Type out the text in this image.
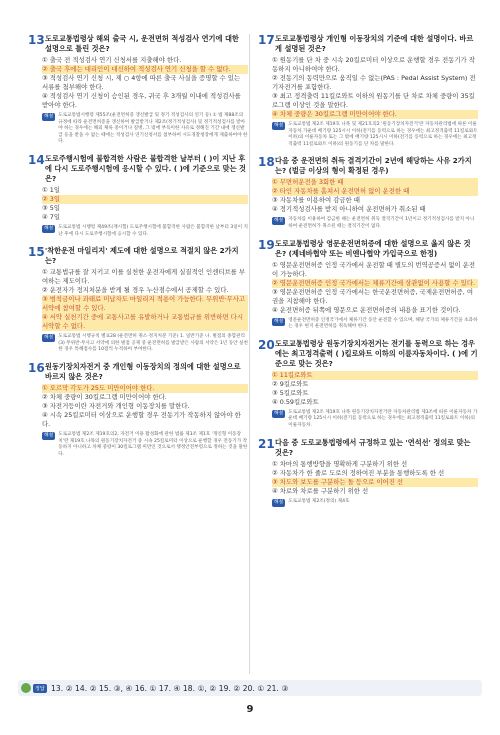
13 도로교통법령상 해외 출국 시, 운전면허 적성검사 연기에 대한 설명으로 틀린 것은?
① 출국 전 적성검사 연기 신청서를 지출해야 한다.
② 출국 후에는 대리인이 대신하여 적성검사 연기 신청을 할 수 없다.
③ 적성검사 연기 신청 시, 제 ○ 4항에 따른 출국 사실을 증명할 수 있는 서류를 첨부해야 한다.
④ 적성검사 연기 신청이 승인된 경우, 귀국 후 3개월 이내에 적성검사를 받아야 한다.
해설	도로교통법시행령 제55조(운전면허증 갱신발급 및 정기 적성검사의 연기 등) ① 법 제88조의 규정에 따라 운전면허증을 갱신하여 발급받거나 제2조(정기적성검사) 및 정기적성검사를 받아야 하는 경우에는 해외 체류 중이거나 질병, 그 밖에 부득이한 사유로 정해진 기간 내에 갱신발급 등을 받을 수 없는 때에는 적성검사 연기신청서를 첨부하여 시도경찰청장에게 제출하여야 한다.
14 도로주행시험에 불합격한 사람은 불합격한 날부터 ( )이 지난 후에 다시 도로주행시험에 응시할 수 있다. ( )에 기준으로 맞는 것은?
① 1일
② 3일
③ 5일
④ 7일
해설	도로교통법 시행령 제49조(재시험) 도로주행시험에 불합격한 사람은 불합격한 날부터 3일이 지난 후에 다시 도로주행시험에 응시할 수 있다.
15 '착한운전 마일리지' 제도에 대한 설명으로 적절치 않은 2가지는?
① 교통법규를 잘 지키고 이를 실천한 운전자에게 실질적인 인센티브를 부여하는 제도이다.
② 운전자가 정지처분을 받게 될 경우 누산점수에서 공제할 수 있다.
③ 범칙금이나 과태료 미납자도 마일리지 적용이 가능한다. 무위반·무사고 서약에 참여할 수 있다.
④ 서약 실천기간 중에 교통사고를 유발하거나 교통법규를 위반하면 다시 서약할 수 없다.
해설	도로교통법 시행규칙 별표28 (운전면허 취소·정지처분 기준) 1. 일반기준 나. 벌점의 종합관리 (3) 무위반·무사고 서약에 의한 벌점 공제 중 운전면허를 발급받은 사람의 서약은 1년 동안 실천한 경우 특혜점수를 10점씩 누적하여 부여한다.
16 원동기장치자전거 중 개인형 이동장치의 정의에 대한 설명으로 바르지 않은 것은?
① 오르막 각도가 25도 미만이어야 한다.
② 차체 중량이 30킬로그램 미만이어야 한다.
③ 자전거등이란 자전거와 개인형 이동장치를 말한다.
④ 시속 25킬로미터 이상으로 운행할 경우 전동기가 작동하지 않아야 한다.
해설	도로교통법 제2조 제19호의2, 자전거 이용 활성화에 관한 법률 제3조 제1호 '개인형 이동장치'란 제19호 나목의 원동기장치자전거 중 시속 25킬로미터 이상으로 운행할 경우 전동기가 작동하지 아니하고 차체 중량이 30킬로그램 미만인 것으로서 행정안전부령으로 정하는 것을 말한다.
17 도로교통법령상 개인형 이동장치의 기준에 대한 설명이다. 바르게 설명된 것은?
① 원동기를 단 차 중 시속 20킬로미터 이상으로 운행할 경우 전동기가 작동하지 아니하여야 한다.
② 전동기의 동력만으로 움직일 수 없는(PAS : Pedal Assist System) 전기자전거를 포함한다.
③ 최고 정격출력 11킬로와트 이하의 원동기를 단 차로 차체 중량이 35킬로그램 이상인 것을 말한다.
④ 차체 중량은 30킬로그램 미만이어야 한다.
해설	도로교통법 제2조 제19호 나목 및 제21호의2 '원동기장치자전거'란 자동차관리법에 따른 이륜자동차 가운데 배기량 125시시 이하(전기를 동력으로 하는 경우에는 최고정격출력 11킬로와트 이하)의 이륜자동차 또는 그 밖에 배기량 125시시 이하(전기를 동력으로 하는 경우에는 최고정격출력 11킬로와트 이하)의 원동기를 단 차를 말한다.
18 다음 중 운전면허 취득 결격기간이 2년에 해당하는 사유 2가지는? (벌금 이상의 형이 확정된 경우)
① 무면허운전을 3회한 때
② 타인 자동차를 훔쳐서 운전면허 없이 운전한 때
③ 자동차를 이용하여 감금한 때
④ 정기적성검사를 받지 아니하여 운전면허가 취소된 때
해설	자동차를 이용하여 감금한 때는 운전면허 취득 결격기간이 1년이고 정기적성검사를 받지 아니하여 운전면허가 취소된 때는 결격기간이 없다.
19 도로교통법령상 영문운전면허증에 대한 설명으로 옳지 않은 것은? (제네바협약 또는 비엔나협약 가입국으로 한정)
① 영문운전면허증 인정 국가에서 운전할 때 별도의 번역공증서 없이 운전이 가능하다.
② 영문운전면허증 인정 국가에서는 체류기간에 상관없이 사용할 수 있다.
③ 영문운전면허증 인정 국가에서는 한국운전면허증, 국제운전면허증, 여권을 지참해야 한다.
④ 운전면허증 뒤쪽에 영문으로 운전면허증의 내용을 표기한 것이다.
해설	영문운전면허증 인정국가에서 체류기간 동안 운전할 수 있으며, 해당 국가의 체류기간을 초과하는 경우 현지 운전면허를 취득해야 한다.
20 도로교통법령상 원동기장치자전거는 전기를 동력으로 하는 경우에는 최고정격출력 ( )킬로와트 이하의 이륜자동차이다. ( )에 기준으로 맞는 것은?
① 11킬로와트
② 9킬로와트
③ 5킬로와트
④ 0.59킬로와트
해설	도로교통법 제2조 제19호 나목 원동기장치자전거란 자동차관리법 제3조에 따른 이륜자동차 가운데 배기량 125시시 이하(전기를 동력으로 하는 경우에는 최고정격출력 11킬로와트 이하)의 이륜자동차.
21 다음 중 도로교통법령에서 규정하고 있는 '연석선' 정의로 맞는 것은?
① 차마의 통행방향을 명확하게 구분하기 위한 선
② 자동차가 한 줄로 도로의 정하여진 부분을 통행하도록 한 선
③ 차도와 보도를 구분하는 돌 등으로 이어진 선
④ 차로와 차로를 구분하기 위한 선
해설	도로교통법 제2조(정의) 제4호
정답 13. ② 14. ② 15. ③, ④ 16. ① 17. ④ 18. ①, ② 19. ② 20. ① 21. ③
9
